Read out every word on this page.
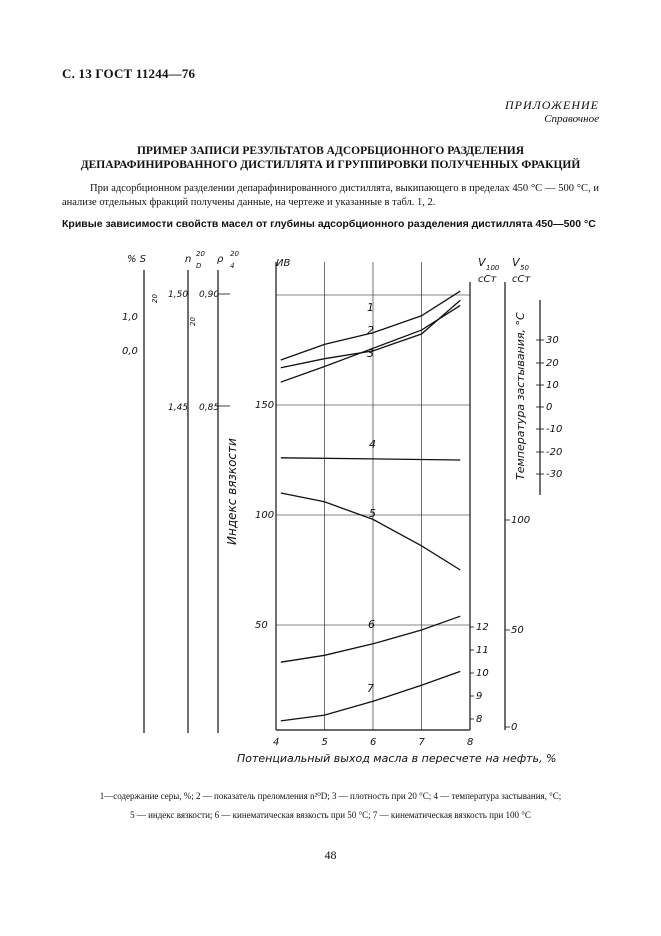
С. 13 ГОСТ 11244—76
ПРИЛОЖЕНИЕ
Справочное
ПРИМЕР ЗАПИСИ РЕЗУЛЬТАТОВ АДСОРБЦИОННОГО РАЗДЕЛЕНИЯ
ДЕПАРАФИНИРОВАННОГО ДИСТИЛЛЯТА И ГРУППИРОВКИ ПОЛУЧЕННЫХ ФРАКЦИЙ
При адсорбционном разделении депарафинированного дистиллята, выкипающего в пределах 450 °С — 500 °С, и анализе отдельных фракций получены данные, на чертеже и указанные в табл. 1, 2.
Кривые зависимости свойств масел от глубины адсорбционного разделения дистиллята 450—500 °С
4	5	6	7	8
Потенциальный выход масла в пересчете на нефть, %
ИВ
150
100
50
Индекс вязкости
% S
20
1,0
0,0
n 20
D
1,50
1,45
20
ρ 20
4
0,90
0,85
V 100
сСт
12
11
10
9
8
V 50
сСт
100
50
0
30
20
10
0
-10
-20
-30
Температура застывания, °С
1
2
3
4
5
6
7
1—содержание серы, %; 2 — показатель преломления n²⁰D; 3 — плотность при 20 °С; 4 — температура застывания, °С;
5 — индекс вязкости; 6 — кинематическая вязкость при 50 °С; 7 — кинематическая вязкость при 100 °С
48
